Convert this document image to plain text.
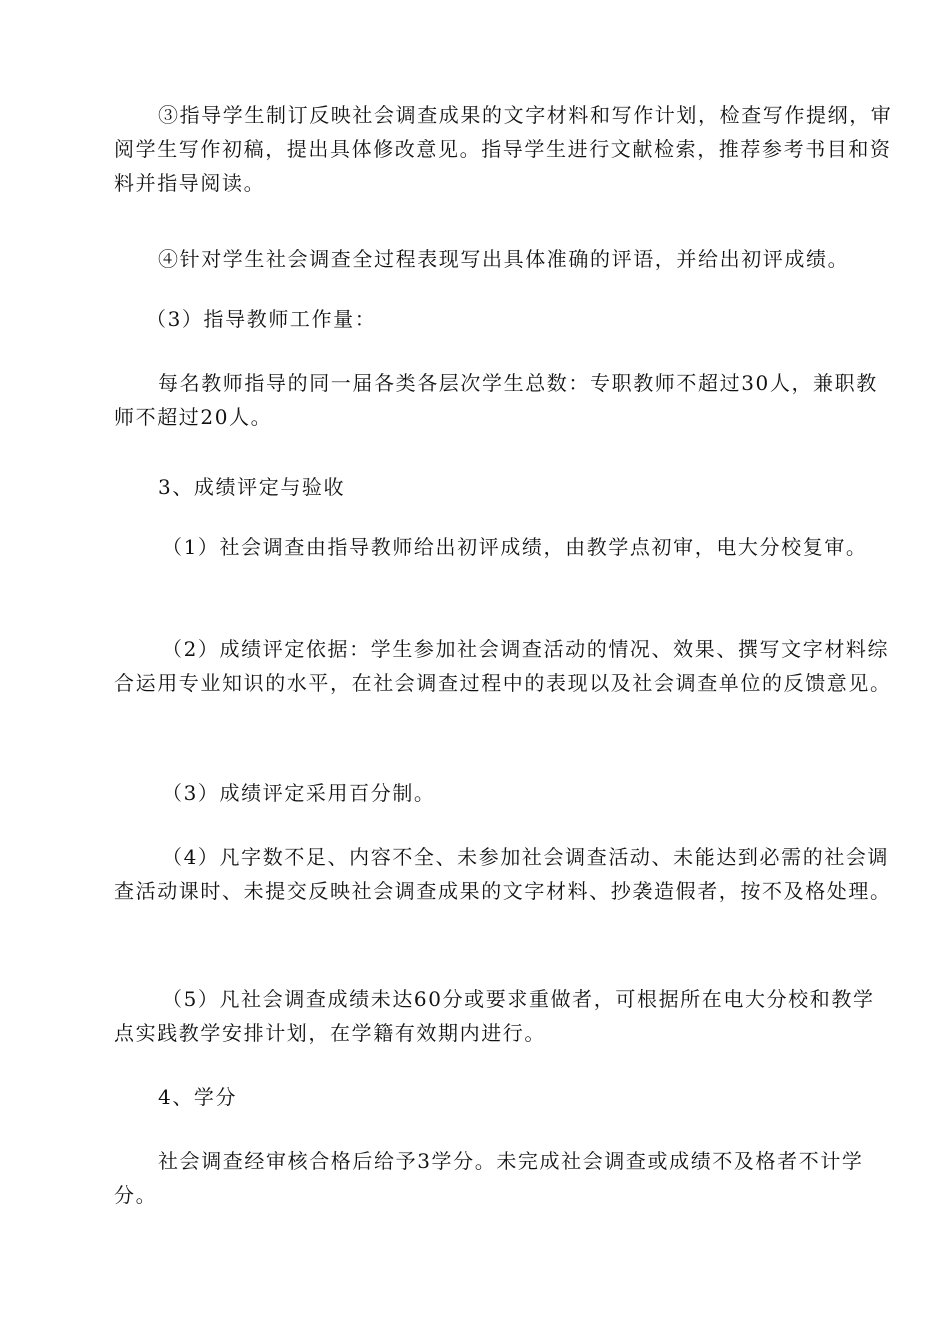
③指导学生制订反映社会调查成果的文字材料和写作计划，检查写作提纲，审阅学生写作初稿，提出具体修改意见。指导学生进行文献检索，推荐参考书目和资料并指导阅读。

④针对学生社会调查全过程表现写出具体准确的评语，并给出初评成绩。

（3）指导教师工作量：

每名教师指导的同一届各类各层次学生总数：专职教师不超过30人，兼职教师不超过20人。

3、成绩评定与验收

（1）社会调查由指导教师给出初评成绩，由教学点初审，电大分校复审。

（2）成绩评定依据：学生参加社会调查活动的情况、效果、撰写文字材料综合运用专业知识的水平，在社会调查过程中的表现以及社会调查单位的反馈意见。

（3）成绩评定采用百分制。

（4）凡字数不足、内容不全、未参加社会调查活动、未能达到必需的社会调查活动课时、未提交反映社会调查成果的文字材料、抄袭造假者，按不及格处理。

（5）凡社会调查成绩未达60分或要求重做者，可根据所在电大分校和教学点实践教学安排计划，在学籍有效期内进行。

4、学分

社会调查经审核合格后给予3学分。未完成社会调查或成绩不及格者不计学分。
